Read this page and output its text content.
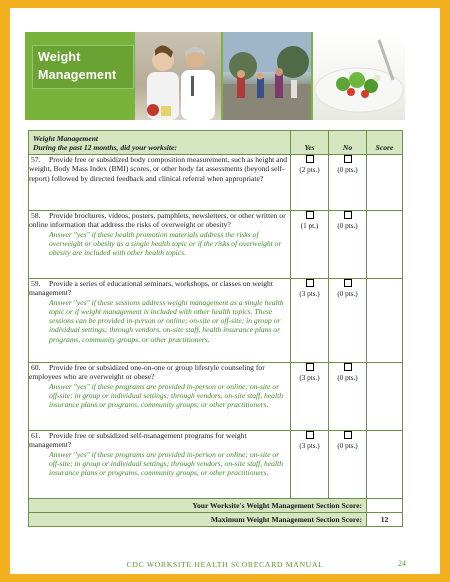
Weight
Management
Weight Management
During the past 12 months, did your worksite:	Yes	No	Score
57. Provide free or subsidized body composition measurement, such as height and weight, Body Mass Index (BMI) scores, or other body fat assessments (beyond self-report) followed by directed feedback and clinical referral when appropriate?	(2 pts.)	(0 pts.)	

58. Provide brochures, videos, posters, pamphlets, newsletters, or other written or online information that address the risks of overweight or obesity?
Answer "yes" if these health promotion materials address the risks of overweight or obesity as a single health topic or if the risks of overweight or obesity are included with other health topics.	(1 pt.)	(0 pts.)	

59. Provide a series of educational seminars, workshops, or classes on weight management?
Answer "yes" if these sessions address weight management as a single health topic or if weight management is included with other health topics. These sessions can be provided in-person or online; on-site or off-site; in group or individual settings; through vendors, on-site staff, health insurance plans or programs, community groups, or other practitioners.	(3 pts.)	(0 pts.)	

60. Provide free or subsidized one-on-one or group lifestyle counseling for employees who are overweight or obese?
Answer "yes" if these programs are provided in-person or online; on-site or off-site; in group or individual settings; through vendors, on-site staff, health insurance plans or programs, community groups, or other practitioners.	(3 pts.)	(0 pts.)	

61. Provide free or subsidized self-management programs for weight management?
Answer "yes" if these programs are provided in-person or online; on-site or off-site; in group or individual settings; through vendors, on-site staff, health insurance plans or programs, community groups, or other practitioners.	(3 pts.)	(0 pts.)	

Your Worksite's Weight Management Section Score:			
Maximum Weight Management Section Score:			12
CDC WORKSITE HEALTH SCORECARD MANUAL	24
